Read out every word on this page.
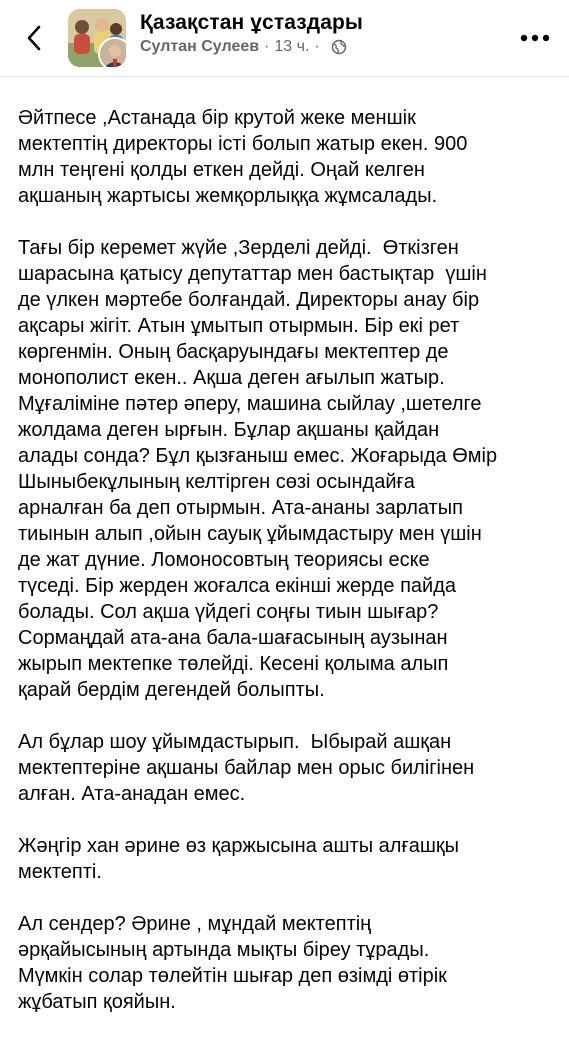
Қазақстан ұстаздары
Султан Сулеев · 13 ч. ·

Әйтпесе ,Астанада бір крутой жеке меншік
мектептің директоры істі болып жатыр екен. 900
млн теңгені қолды еткен дейді. Оңай келген
ақшаның жартысы жемқорлыққа жұмсалады.

Тағы бір керемет жүйе ,Зерделі дейді.  Өткізген
шарасына қатысу депутаттар мен бастықтар  үшін
де үлкен мәртебе болғандай. Директоры анау бір
ақсары жігіт. Атын ұмытып отырмын. Бір екі рет
көргенмін. Оның басқаруындағы мектептер де
монополист екен.. Ақша деген ағылып жатыр.
Мұғаліміне пәтер әперу, машина сыйлау ,шетелге
жолдама деген ырғын. Бұлар ақшаны қайдан
алады сонда? Бұл қызғаныш емес. Жоғарыда Өмір
Шыныбекұлының келтірген сөзі осындайға
арналған ба деп отырмын. Ата-ананы зарлатып
тиынын алып ,ойын сауық ұйымдастыру мен үшін
де жат дүние. Ломоносовтың теориясы еске
түседі. Бір жерден жоғалса екінші жерде пайда
болады. Сол ақша үйдегі соңғы тиын шығар?
Сормаңдай ата-ана бала-шағасының аузынан
жырып мектепке төлейді. Кесені қолыма алып
қарай бердім дегендей болыпты.

Ал бұлар шоу ұйымдастырып.  Ыбырай ашқан
мектептеріне ақшаны байлар мен орыс билігінен
алған. Ата-анадан емес.

Жәңгір хан әрине өз қаржысына ашты алғашқы
мектепті.

Ал сендер? Әрине , мұндай мектептің
әрқайысының артында мықты біреу тұрады.
Мүмкін солар төлейтін шығар деп өзімді өтірік
жұбатып қояйын.
